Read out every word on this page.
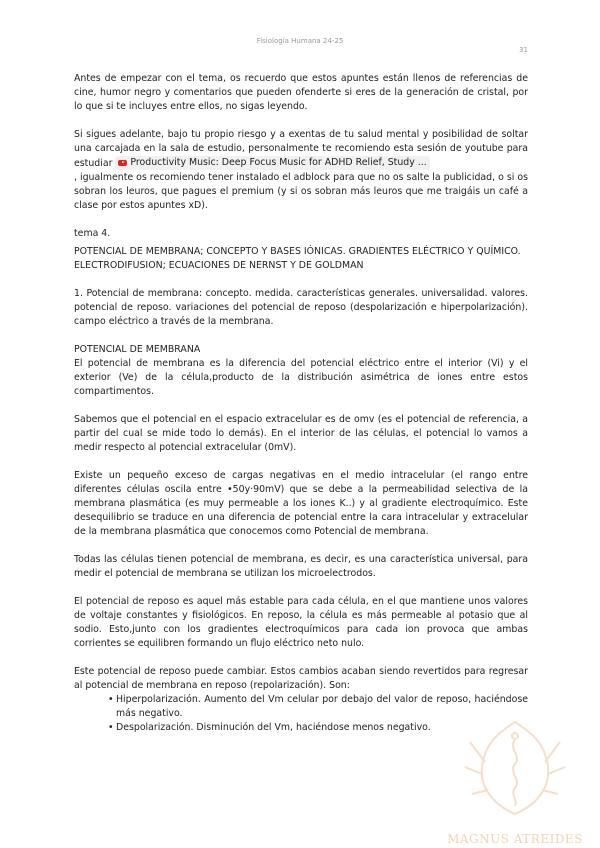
Fisiología Humana 24-25
31

Antes de empezar con el tema, os recuerdo que estos apuntes están llenos de referencias de cine, humor negro y comentarios que pueden ofenderte si eres de la generación de cristal, por lo que si te incluyes entre ellos, no sigas leyendo.

Si sigues adelante, bajo tu propio riesgo y a exentas de tu salud mental y posibilidad de soltar una carcajada en la sala de estudio, personalmente te recomiendo esta sesión de youtube para estudiar Productivity Music: Deep Focus Music for ADHD Relief, Study ...

, igualmente os recomiendo tener instalado el adblock para que no os salte la publicidad, o si os sobran los leuros, que pagues el premium (y si os sobran más leuros que me traigáis un café a clase por estos apuntes xD).

tema 4.

POTENCIAL DE MEMBRANA; CONCEPTO Y BASES IÓNICAS. GRADIENTES ELÉCTRICO Y QUÍMICO. ELECTRODIFUSION; ECUACIONES DE NERNST Y DE GOLDMAN

1. Potencial de membrana: concepto. medida. características generales. universalidad. valores. potencial de reposo. variaciones del potencial de reposo (despolarización e hiperpolarización). campo eléctrico a través de la membrana.

POTENCIAL DE MEMBRANA

El potencial de membrana es la diferencia del potencial eléctrico entre el interior (Vi) y el exterior (Ve) de la célula,producto de la distribución asimétrica de iones entre estos compartimentos.

Sabemos que el potencial en el espacio extracelular es de omv (es el potencial de referencia, a partir del cual se mide todo lo demás). En el interior de las células, el potencial lo vamos a medir respecto al potencial extracelular (0mV).

Existe un pequeño exceso de cargas negativas en el medio intracelular (el rango entre diferentes células oscila entre •50y·90mV) que se debe a la permeabilidad selectiva de la membrana plasmática (es muy permeable a los iones K..) y al gradiente electroquímico. Este desequilibrio se traduce en una diferencia de potencial entre la cara intracelular y extracelular de la membrana plasmática que conocemos como Potencial de membrana.

Todas las células tienen potencial de membrana, es decir, es una característica universal, para medir el potencial de membrana se utilizan los microelectrodos.

El potencial de reposo es aquel más estable para cada célula, en el que mantiene unos valores de voltaje constantes y fisiológicos. En reposo, la célula es más permeable al potasio que al sodio. Esto,junto con los gradientes electroquímicos para cada ion provoca que ambas corrientes se equilibren formando un flujo eléctrico neto nulo.

Este potencial de reposo puede cambiar. Estos cambios acaban siendo revertidos para regresar al potencial de membrana en reposo (repolarización). Son:

• Hiperpolarización. Aumento del Vm celular por debajo del valor de reposo, haciéndose más negativo.
• Despolarización. Disminución del Vm, haciéndose menos negativo.
MAGNUS ATREIDES
